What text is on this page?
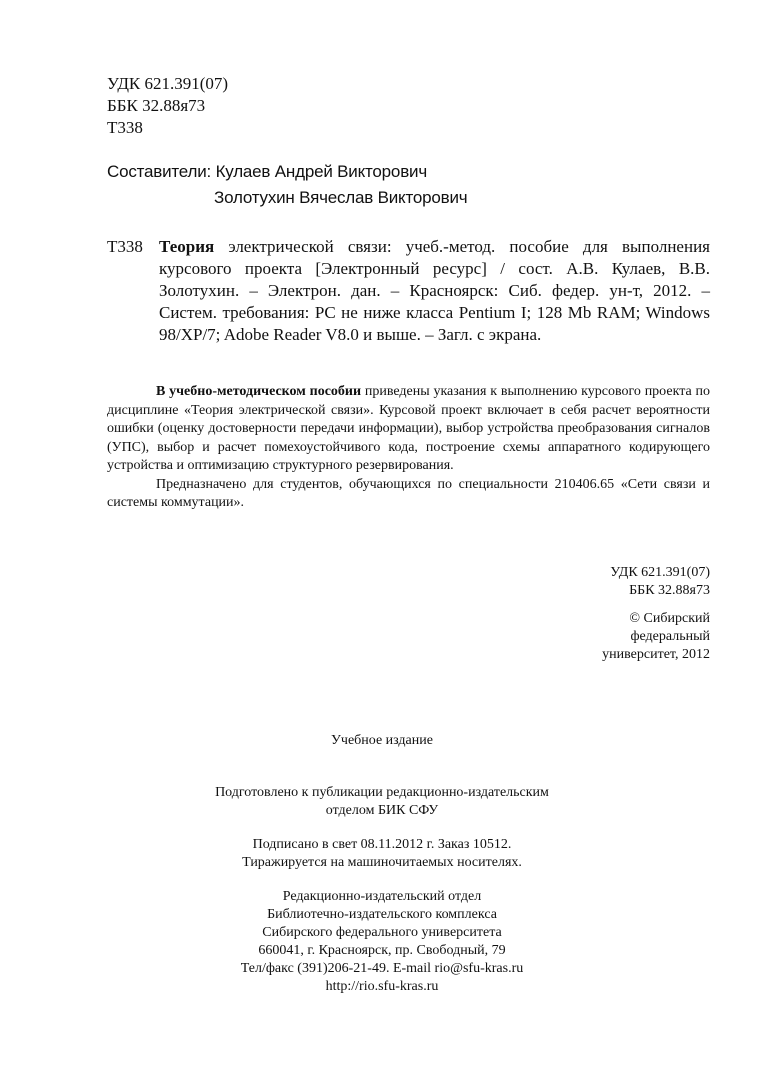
УДК 621.391(07)
ББК 32.88я73
Т338
Составители: Кулаев Андрей Викторович
Золотухин Вячеслав Викторович
Т338 Теория электрической связи: учеб.-метод. пособие для выполнения курсового проекта [Электронный ресурс] / сост. А.В. Кулаев, В.В. Золотухин. – Электрон. дан. – Красноярск: Сиб. федер. ун-т, 2012. – Систем. требования: PC не ниже класса Pentium I; 128 Mb RAM; Windows 98/XP/7; Adobe Reader V8.0 и выше. – Загл. с экрана.

В учебно-методическом пособии приведены указания к выполнению курсового проекта по дисциплине «Теория электрической связи». Курсовой проект включает в себя расчет вероятности ошибки (оценку достоверности передачи информации), выбор устройства преобразования сигналов (УПС), выбор и расчет помехоустойчивого кода, построение схемы аппаратного кодирующего устройства и оптимизацию структурного резервирования.

Предназначено для студентов, обучающихся по специальности 210406.65 «Сети связи и системы коммутации».

УДК 621.391(07)
ББК 32.88я73
© Сибирский
федеральный
университет, 2012
Учебное издание
Подготовлено к публикации редакционно-издательским
отделом БИК СФУ
Подписано в свет 08.11.2012 г. Заказ 10512.
Тиражируется на машиночитаемых носителях.
Редакционно-издательский отдел
Библиотечно-издательского комплекса
Сибирского федерального университета
660041, г. Красноярск, пр. Свободный, 79
Тел/факс (391)206-21-49. E-mail rio@sfu-kras.ru
http://rio.sfu-kras.ru
